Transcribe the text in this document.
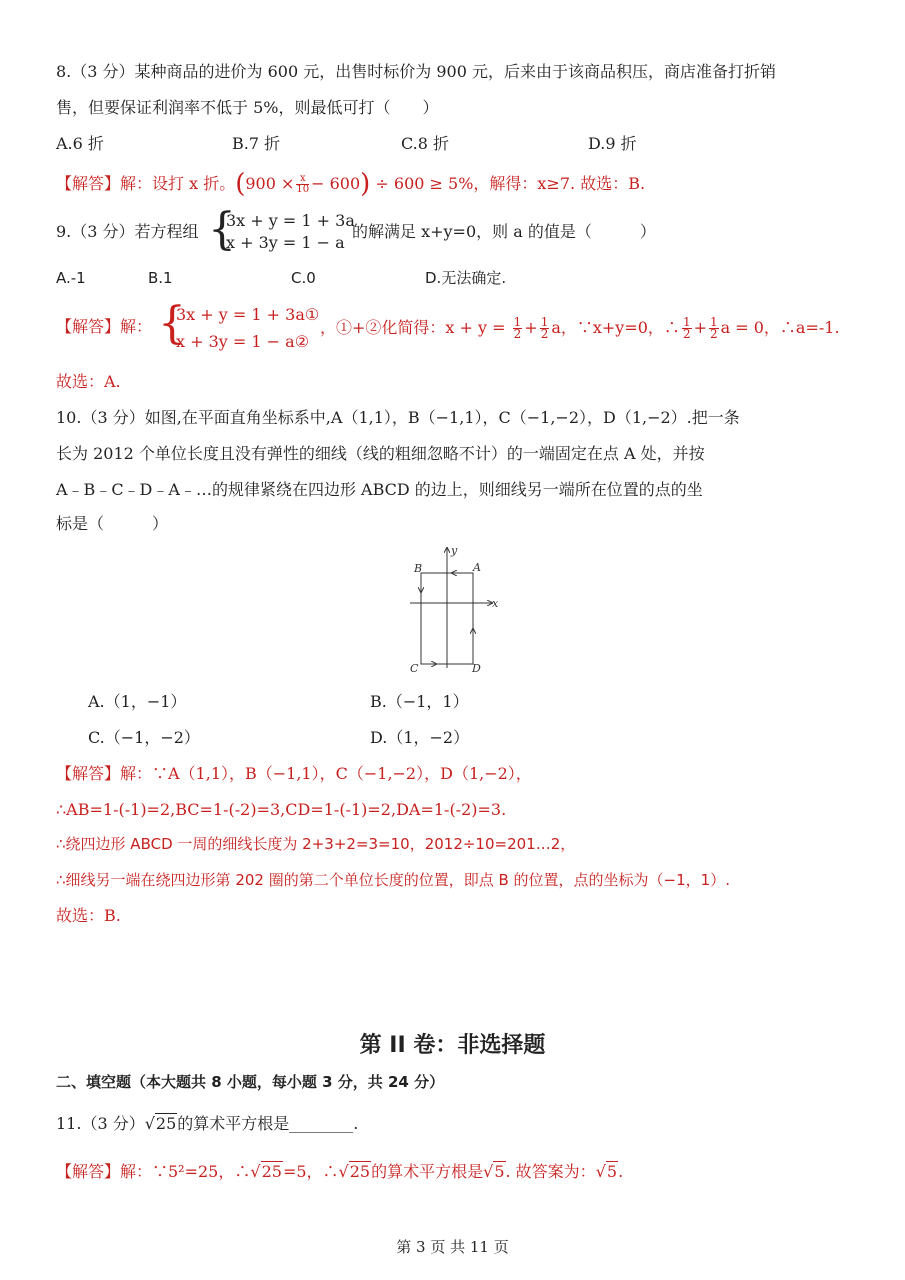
8.（3 分）某种商品的进价为 600 元，出售时标价为 900 元，后来由于该商品积压，商店准备打折销
售，但要保证利润率不低于 5%，则最低可打（　　）
A.6 折	B.7 折	C.8 折	D.9 折
【解答】解：设打 x 折。$(900 \times \frac{x}{10} - 600) \div 600 \ge 5\%$，解得：x≥7. 故选：B.
9.（3 分）若方程组 {
3x + y = 1 + 3a
x + 3y = 1 − a
的解满足 x+y=0，则 a 的值是（　　　）
A.-1	B.1	C.0	D.无法确定.
【解答】解： {
3x + y = 1 + 3a①
x + 3y = 1 − a②
，①+②化简得：$x + y = \frac{1}{2} + \frac{1}{2}$ a，∵x+y=0，∴ $\frac{1}{2} + \frac{1}{2}$ a = 0，∴a=-1.
故选：A.
10.（3 分）如图,在平面直角坐标系中,A（1,1），B（−1,1），C（−1,−2），D（1,−2）.把一条
长为 2012 个单位长度且没有弹性的细线（线的粗细忽略不计）的一端固定在点 A 处，并按
A﹣B﹣C﹣D﹣A﹣…的规律紧绕在四边形 ABCD 的边上，则细线另一端所在位置的点的坐
标是（　　　）
A
B
C	D
x
y
A.（1，−1）	B.（−1，1）
C.（−1，−2）	D.（1，−2）
【解答】解：∵A（1,1），B（−1,1），C（−1,−2），D（1,−2），
∴AB=1-(-1)=2,BC=1-(-2)=3,CD=1-(-1)=2,DA=1-(-2)=3.
∴绕四边形 ABCD 一周的细线长度为 2+3+2=3=10，2012÷10=201…2，
∴细线另一端在绕四边形第 202 圈的第二个单位长度的位置，即点 B 的位置，点的坐标为（−1，1）.
故选：B.
第 II 卷：非选择题
二、填空题（本大题共 8 小题，每小题 3 分，共 24 分）
11.（3 分）√25的算术平方根是________.
【解答】解：∵5²=25，∴√25=5，∴√25的算术平方根是√5. 故答案为：√5.
第 3 页 共 11 页
